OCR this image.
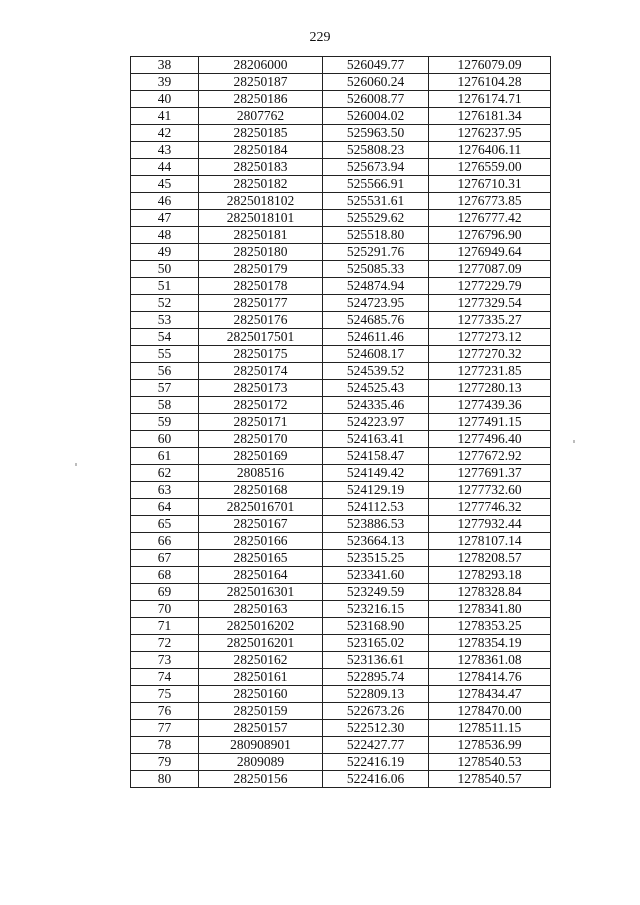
229
38	28206000	526049.77	1276079.09
39	28250187	526060.24	1276104.28
40	28250186	526008.77	1276174.71
41	2807762	526004.02	1276181.34
42	28250185	525963.50	1276237.95
43	28250184	525808.23	1276406.11
44	28250183	525673.94	1276559.00
45	28250182	525566.91	1276710.31
46	2825018102	525531.61	1276773.85
47	2825018101	525529.62	1276777.42
48	28250181	525518.80	1276796.90
49	28250180	525291.76	1276949.64
50	28250179	525085.33	1277087.09
51	28250178	524874.94	1277229.79
52	28250177	524723.95	1277329.54
53	28250176	524685.76	1277335.27
54	2825017501	524611.46	1277273.12
55	28250175	524608.17	1277270.32
56	28250174	524539.52	1277231.85
57	28250173	524525.43	1277280.13
58	28250172	524335.46	1277439.36
59	28250171	524223.97	1277491.15
60	28250170	524163.41	1277496.40
61	28250169	524158.47	1277672.92
62	2808516	524149.42	1277691.37
63	28250168	524129.19	1277732.60
64	2825016701	524112.53	1277746.32
65	28250167	523886.53	1277932.44
66	28250166	523664.13	1278107.14
67	28250165	523515.25	1278208.57
68	28250164	523341.60	1278293.18
69	2825016301	523249.59	1278328.84
70	28250163	523216.15	1278341.80
71	2825016202	523168.90	1278353.25
72	2825016201	523165.02	1278354.19
73	28250162	523136.61	1278361.08
74	28250161	522895.74	1278414.76
75	28250160	522809.13	1278434.47
76	28250159	522673.26	1278470.00
77	28250157	522512.30	1278511.15
78	280908901	522427.77	1278536.99
79	2809089	522416.19	1278540.53
80	28250156	522416.06	1278540.57
